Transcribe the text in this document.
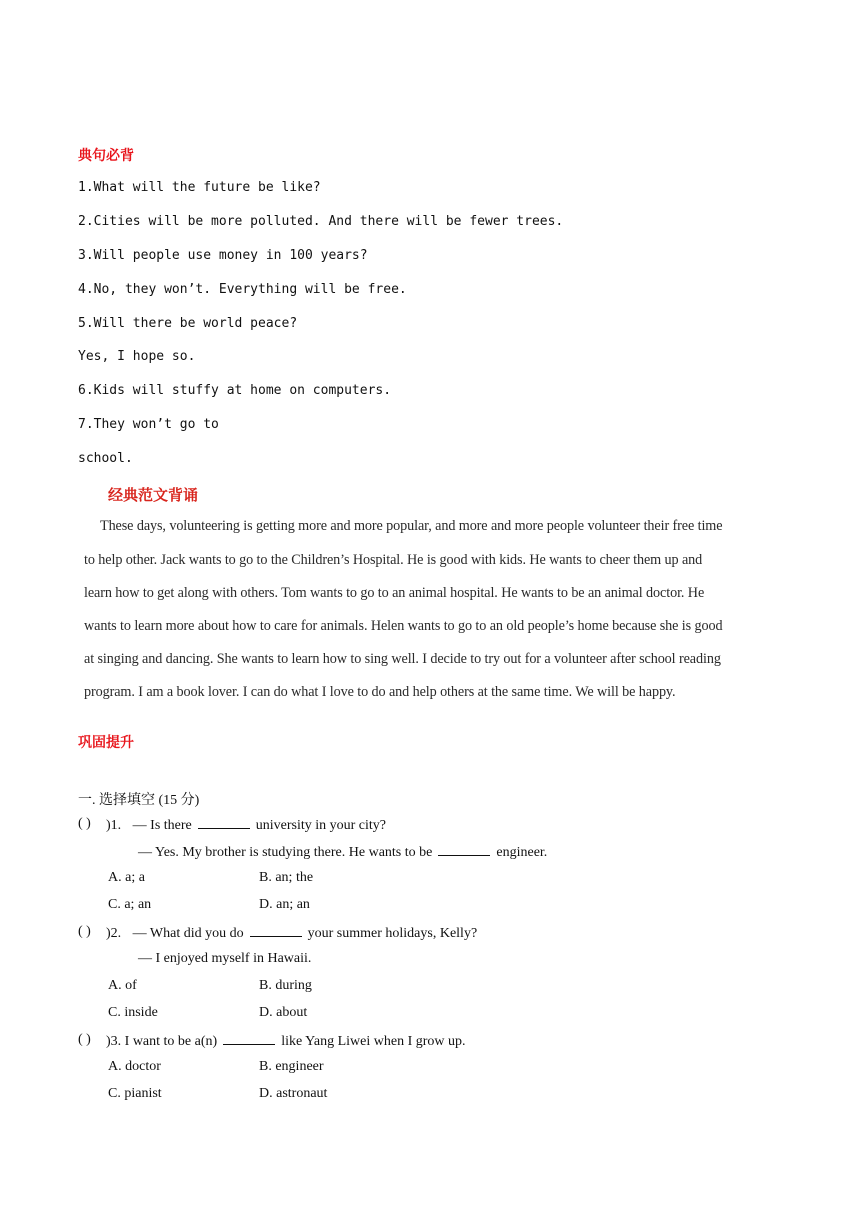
典句必背
1.What will the future be like?
2.Cities will be more polluted. And there will be fewer trees.
3.Will people use money in 100 years?
4.No, they won’t. Everything will be free.
5.Will there be world peace?
Yes, I hope so.
6.Kids will stuffy at home on computers.
7.They won’t go to
school.
经典范文背诵
These days, volunteering is getting more and more popular, and more and more people volunteer their free time
to help other. Jack wants to go to the Children’s Hospital. He is good with kids. He wants to cheer them up and
learn how to get along with others. Tom wants to go to an animal hospital. He wants to be an animal doctor. He
wants to learn more about how to care for animals. Helen wants to go to an old people’s home because she is good
at singing and dancing. She wants to learn how to sing well. I decide to try out for a volunteer after school reading
program. I am a book lover. I can do what I love to do and help others at the same time. We will be happy.
巩固提升
一. 选择填空 (15 分)
( ) )1. — Is there	university in your city?
— Yes. My brother is studying there. He wants to be	engineer.
A. a; a	B. an; the
C. a; an	D. an; an
( ) )2. — What did you do	your summer holidays, Kelly?
— I enjoyed myself in Hawaii.
A. of	B. during
C. inside	D. about
( ) )3. I want to be a(n)	like Yang Liwei when I grow up.
A. doctor	B. engineer
C. pianist	D. astronaut
